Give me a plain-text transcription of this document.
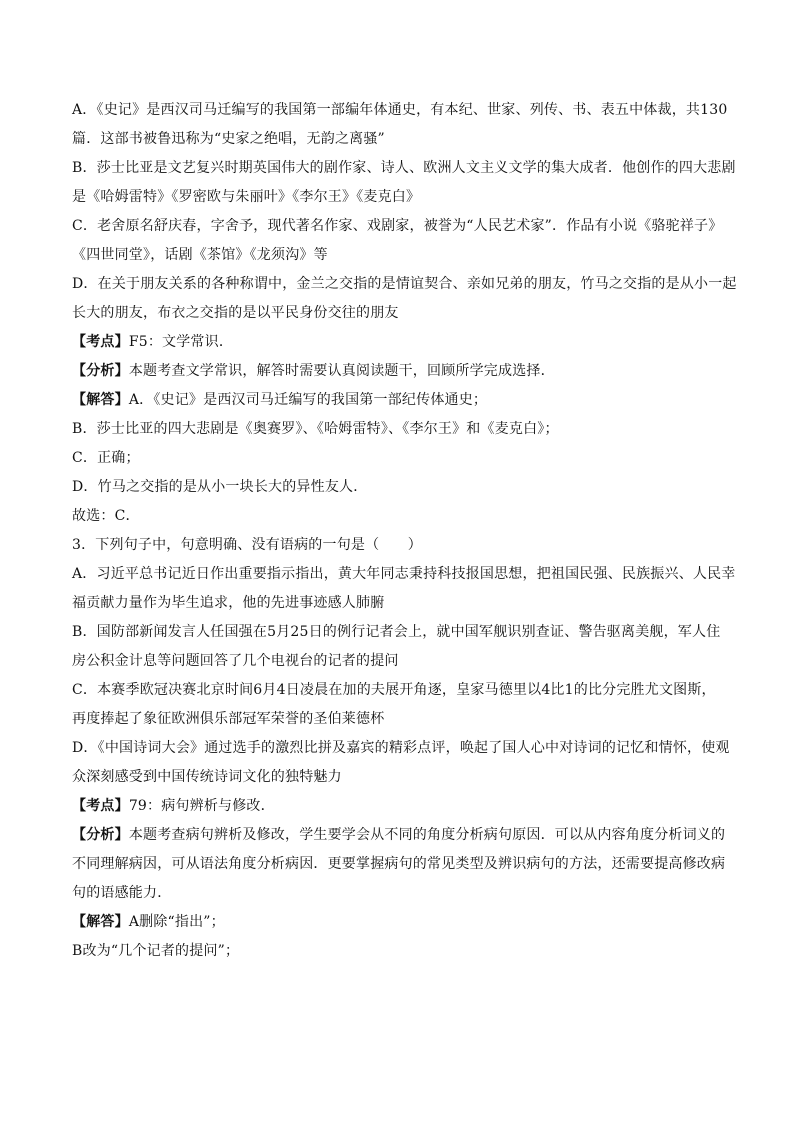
A．《史记》是西汉司马迁编写的我国第一部编年体通史，有本纪、世家、列传、书、表五中体裁，共130
篇．这部书被鲁迅称为“史家之绝唱，无韵之离骚”
B．莎士比亚是文艺复兴时期英国伟大的剧作家、诗人、欧洲人文主义文学的集大成者．他创作的四大悲剧
是《哈姆雷特》《罗密欧与朱丽叶》《李尔王》《麦克白》
C．老舍原名舒庆春，字舍予，现代著名作家、戏剧家，被誉为“人民艺术家”．作品有小说《骆驼祥子》
《四世同堂》，话剧《茶馆》《龙须沟》等
D．在关于朋友关系的各种称谓中，金兰之交指的是情谊契合、亲如兄弟的朋友，竹马之交指的是从小一起
长大的朋友，布衣之交指的是以平民身份交往的朋友
【考点】F5：文学常识．
【分析】本题考查文学常识，解答时需要认真阅读题干，回顾所学完成选择．
【解答】A．《史记》是西汉司马迁编写的我国第一部纪传体通史；
B．莎士比亚的四大悲剧是《奥赛罗》、《哈姆雷特》、《李尔王》和《麦克白》；
C．正确；
D．竹马之交指的是从小一块长大的异性友人．
故选：C．
3．下列句子中，句意明确、没有语病的一句是（　　）
A．习近平总书记近日作出重要指示指出，黄大年同志秉持科技报国思想，把祖国民强、民族振兴、人民幸
福贡献力量作为毕生追求，他的先进事迹感人肺腑
B．国防部新闻发言人任国强在5月25日的例行记者会上，就中国军舰识别查证、警告驱离美舰，军人住
房公积金计息等问题回答了几个电视台的记者的提问
C．本赛季欧冠决赛北京时间6月4日凌晨在加的夫展开角逐，皇家马德里以4比1的比分完胜尤文图斯，
再度捧起了象征欧洲俱乐部冠军荣誉的圣伯莱德杯
D．《中国诗词大会》通过选手的激烈比拼及嘉宾的精彩点评，唤起了国人心中对诗词的记忆和情怀，使观
众深刻感受到中国传统诗词文化的独特魅力
【考点】79：病句辨析与修改．
【分析】本题考查病句辨析及修改，学生要学会从不同的角度分析病句原因．可以从内容角度分析词义的
不同理解病因，可从语法角度分析病因．更要掌握病句的常见类型及辨识病句的方法，还需要提高修改病
句的语感能力．
【解答】A删除“指出”；
B改为“几个记者的提问”；
